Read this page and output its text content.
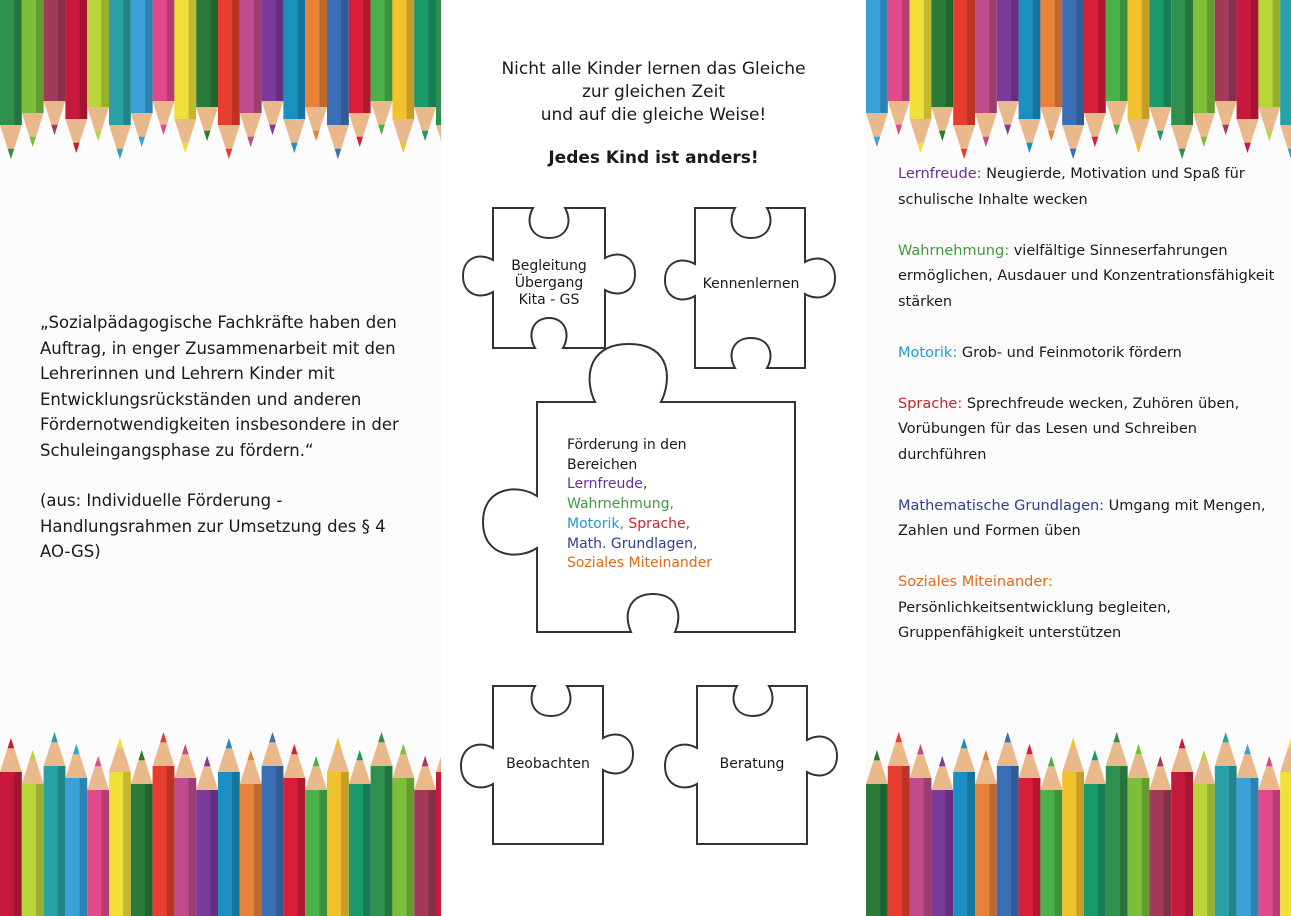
„Sozialpädagogische Fachkräfte haben den Auftrag, in enger Zusammenarbeit mit den Lehrerinnen und Lehrern Kinder mit Entwicklungsrückständen und anderen Fördernotwendigkeiten insbesondere in der Schuleingangsphase zu fördern.“

(aus: Individuelle Förderung - Handlungsrahmen zur Umsetzung des § 4 AO-GS)

Nicht alle Kinder lernen das Gleiche
zur gleichen Zeit
und auf die gleiche Weise!
Jedes Kind ist anders!
Begleitung
Übergang
Kita - GS
Kennenlernen
Förderung in den
Bereichen
Lernfreude,
Wahrnehmung,
Motorik, Sprache,
Math. Grundlagen,
Soziales Miteinander
Beobachten	Beratung
Lernfreude: Neugierde, Motivation und Spaß für schulische Inhalte wecken
Wahrnehmung: vielfältige Sinneserfahrungen ermöglichen, Ausdauer und Konzentrationsfähigkeit stärken
Motorik: Grob- und Feinmotorik fördern
Sprache: Sprechfreude wecken, Zuhören üben, Vorübungen für das Lesen und Schreiben durchführen
Mathematische Grundlagen: Umgang mit Mengen, Zahlen und Formen üben
Soziales Miteinander:
Persönlichkeitsentwicklung begleiten, Gruppenfähigkeit unterstützen
